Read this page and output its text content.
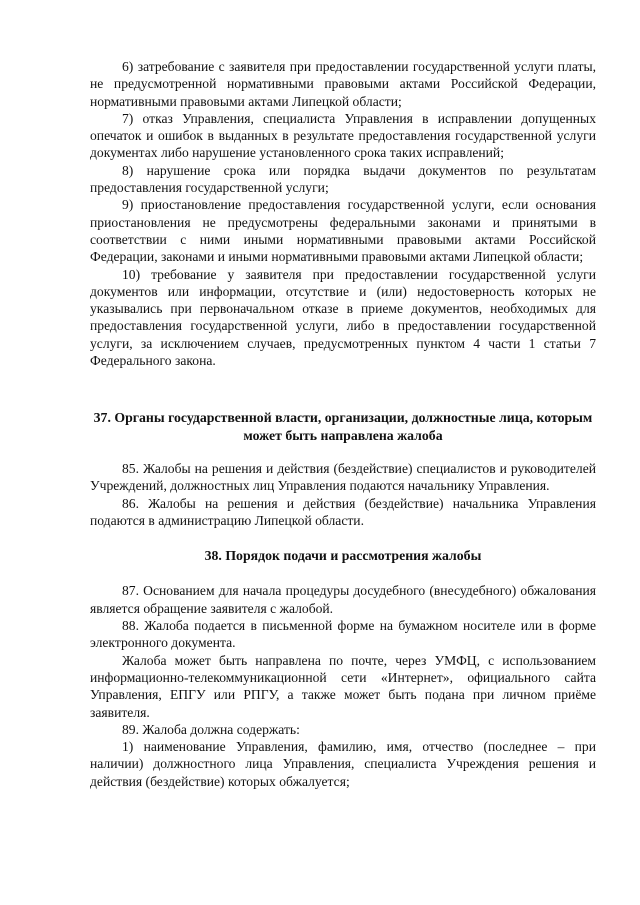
6) затребование с заявителя при предоставлении государственной услуги платы, не предусмотренной нормативными правовыми актами Российской Федерации, нормативными правовыми актами Липецкой области;

7) отказ Управления, специалиста Управления в исправлении допущенных опечаток и ошибок в выданных в результате предоставления государственной услуги документах либо нарушение установленного срока таких исправлений;

8) нарушение срока или порядка выдачи документов по результатам предоставления государственной услуги;

9) приостановление предоставления государственной услуги, если основания приостановления не предусмотрены федеральными законами и принятыми в соответствии с ними иными нормативными правовыми актами Российской Федерации, законами и иными нормативными правовыми актами Липецкой области;

10) требование у заявителя при предоставлении государственной услуги документов или информации, отсутствие и (или) недостоверность которых не указывались при первоначальном отказе в приеме документов, необходимых для предоставления государственной услуги, либо в предоставлении государственной услуги, за исключением случаев, предусмотренных пунктом 4 части 1 статьи 7 Федерального закона.

37. Органы государственной власти, организации, должностные лица, которым может быть направлена жалоба

85. Жалобы на решения и действия (бездействие) специалистов и руководителей Учреждений, должностных лиц Управления подаются начальнику Управления.

86. Жалобы на решения и действия (бездействие) начальника Управления подаются в администрацию Липецкой области.

38. Порядок подачи и рассмотрения жалобы

87. Основанием для начала процедуры досудебного (внесудебного) обжалования является обращение заявителя с жалобой.

88. Жалоба подается в письменной форме на бумажном носителе или в форме электронного документа.

Жалоба может быть направлена по почте, через УМФЦ, с использованием информационно-телекоммуникационной сети «Интернет», официального сайта Управления, ЕПГУ или РПГУ, а также может быть подана при личном приёме заявителя.

89. Жалоба должна содержать:

1) наименование Управления, фамилию, имя, отчество (последнее – при наличии) должностного лица Управления, специалиста Учреждения решения и действия (бездействие) которых обжалуется;
